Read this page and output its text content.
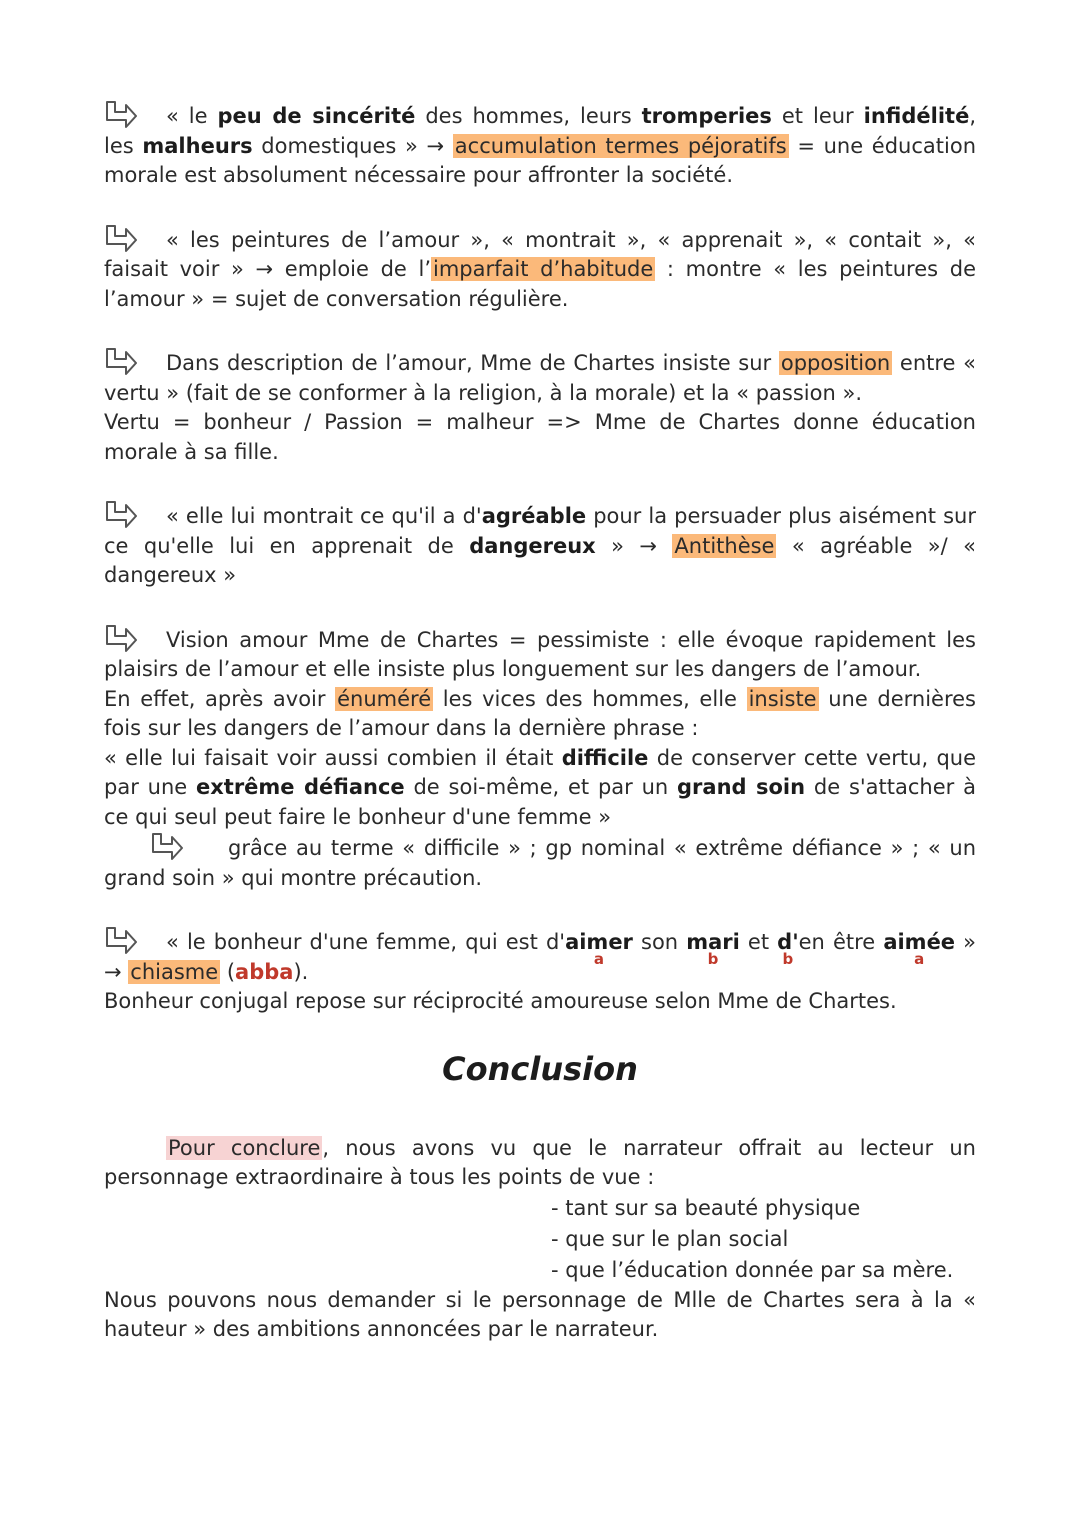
« le peu de sincérité des hommes, leurs tromperies et leur infidélité, les malheurs domestiques » → accumulation termes péjoratifs = une éducation morale est absolument nécessaire pour affronter la société.

« les peintures de l’amour », « montrait », « apprenait », « contait », « faisait voir » → emploie de l’imparfait d’habitude : montre « les peintures de l’amour » = sujet de conversation régulière.

Dans description de l’amour, Mme de Chartes insiste sur opposition entre « vertu » (fait de se conformer à la religion, à la morale) et la « passion ».

Vertu = bonheur / Passion = malheur => Mme de Chartes donne éducation morale à sa fille.

« elle lui montrait ce qu'il a d'agréable pour la persuader plus aisément sur ce qu'elle lui en apprenait de dangereux » → Antithèse « agréable »/ « dangereux »

Vision amour Mme de Chartes = pessimiste : elle évoque rapidement les plaisirs de l’amour et elle insiste plus longuement sur les dangers de l’amour.

En effet, après avoir énuméré les vices des hommes, elle insiste une dernières fois sur les dangers de l’amour dans la dernière phrase :

« elle lui faisait voir aussi combien il était difficile de conserver cette vertu, que par une extrême défiance de soi-même, et par un grand soin de s'attacher à ce qui seul peut faire le bonheur d'une femme »

grâce au terme « difficile » ; gp nominal « extrême défiance » ; « un grand soin » qui montre précaution.

« le bonheur d'une femme, qui est d'aimer
a
son mari
b
et d'
b
en être aimée
a
» → chiasme (abba).

Bonheur conjugal repose sur réciprocité amoureuse selon Mme de Chartes.

Conclusion

Pour conclure, nous avons vu que le narrateur offrait au lecteur un personnage extraordinaire à tous les points de vue :

- tant sur sa beauté physique
- que sur le plan social
- que l’éducation donnée par sa mère.

Nous pouvons nous demander si le personnage de Mlle de Chartes sera à la « hauteur » des ambitions annoncées par le narrateur.
